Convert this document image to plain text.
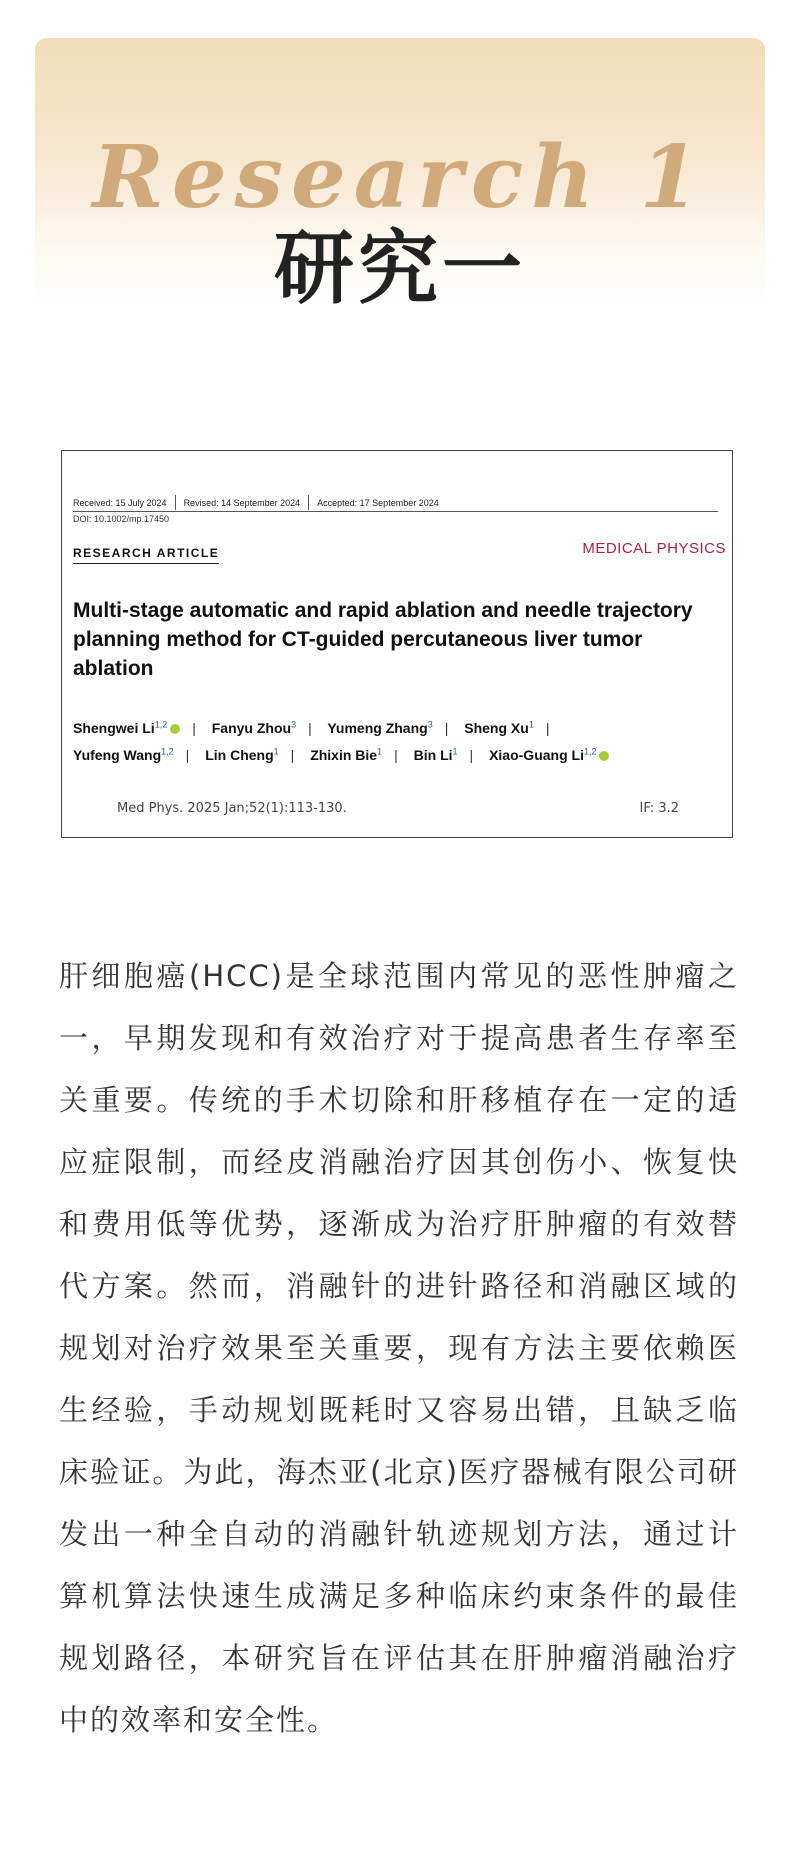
Research 1
研究一
Received: 15 July 2024 Revised: 14 September 2024 Accepted: 17 September 2024
DOI: 10.1002/mp.17450
RESEARCH ARTICLE	MEDICAL PHYSICS
Multi-stage automatic and rapid ablation and needle trajectory planning method for CT-guided percutaneous liver tumor ablation
Shengwei Li$^{1,2}$ | Fanyu Zhou$^3$ | Yumeng Zhang$^3$ | Sheng Xu$^1$ |
Yufeng Wang$^{1,2}$ | Lin Cheng$^1$ | Zhixin Bie$^1$ | Bin Li$^1$ | Xiao-Guang Li$^{1,2}$
Med Phys. 2025 Jan;52(1):113-130.	IF: 3.2
肝细胞癌(HCC)是全球范围内常见的恶性肿瘤之一，早期发现和有效治疗对于提高患者生存率至关重要。传统的手术切除和肝移植存在一定的适应症限制，而经皮消融治疗因其创伤小、恢复快和费用低等优势，逐渐成为治疗肝肿瘤的有效替代方案。然而，消融针的进针路径和消融区域的规划对治疗效果至关重要，现有方法主要依赖医生经验，手动规划既耗时又容易出错，且缺乏临床验证。为此，海杰亚(北京)医疗器械有限公司研发出一种全自动的消融针轨迹规划方法，通过计算机算法快速生成满足多种临床约束条件的最佳规划路径，本研究旨在评估其在肝肿瘤消融治疗中的效率和安全性。
